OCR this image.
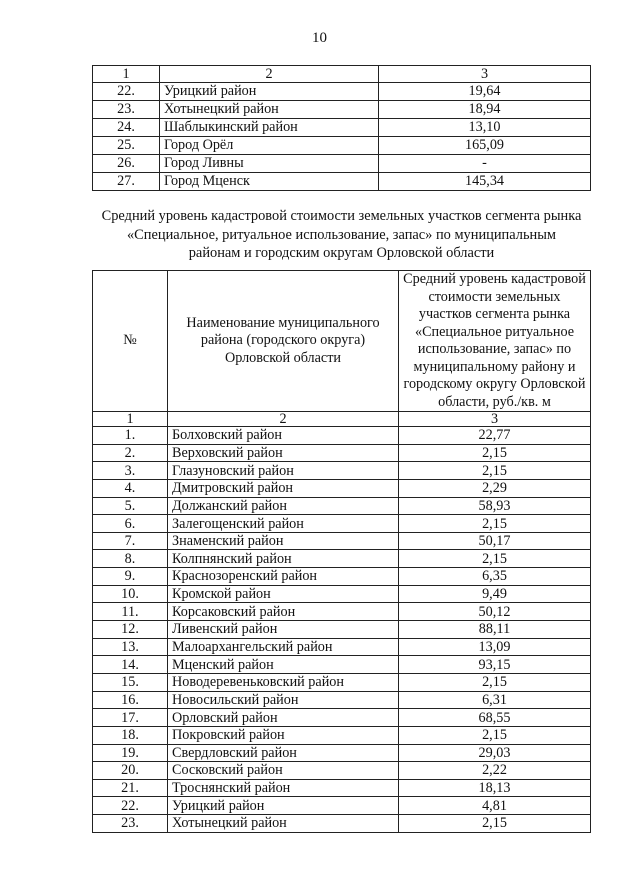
10
1	2	3
22.	Урицкий район	19,64
23.	Хотынецкий район	18,94
24.	Шаблыкинский район	13,10
25.	Город Орёл	165,09
26.	Город Ливны	-
27.	Город Мценск	145,34
Средний уровень кадастровой стоимости земельных участков сегмента рынка
«Специальное, ритуальное использование, запас» по муниципальным
районам и городским округам Орловской области
№	Наименование муниципального района (городского округа) Орловской области	Средний уровень кадастровой стоимости земельных участков сегмента рынка «Специальное ритуальное использование, запас» по муниципальному району и городскому округу Орловской области, руб./кв. м
1	2	3
1.	Болховский район	22,77
2.	Верховский район	2,15
3.	Глазуновский район	2,15
4.	Дмитровский район	2,29
5.	Должанский район	58,93
6.	Залегощенский район	2,15
7.	Знаменский район	50,17
8.	Колпнянский район	2,15
9.	Краснозоренский район	6,35
10.	Кромской район	9,49
11.	Корсаковский район	50,12
12.	Ливенский район	88,11
13.	Малоархангельский район	13,09
14.	Мценский район	93,15
15.	Новодеревеньковский район	2,15
16.	Новосильский район	6,31
17.	Орловский район	68,55
18.	Покровский район	2,15
19.	Свердловский район	29,03
20.	Сосковский район	2,22
21.	Троснянский район	18,13
22.	Урицкий район	4,81
23.	Хотынецкий район	2,15
